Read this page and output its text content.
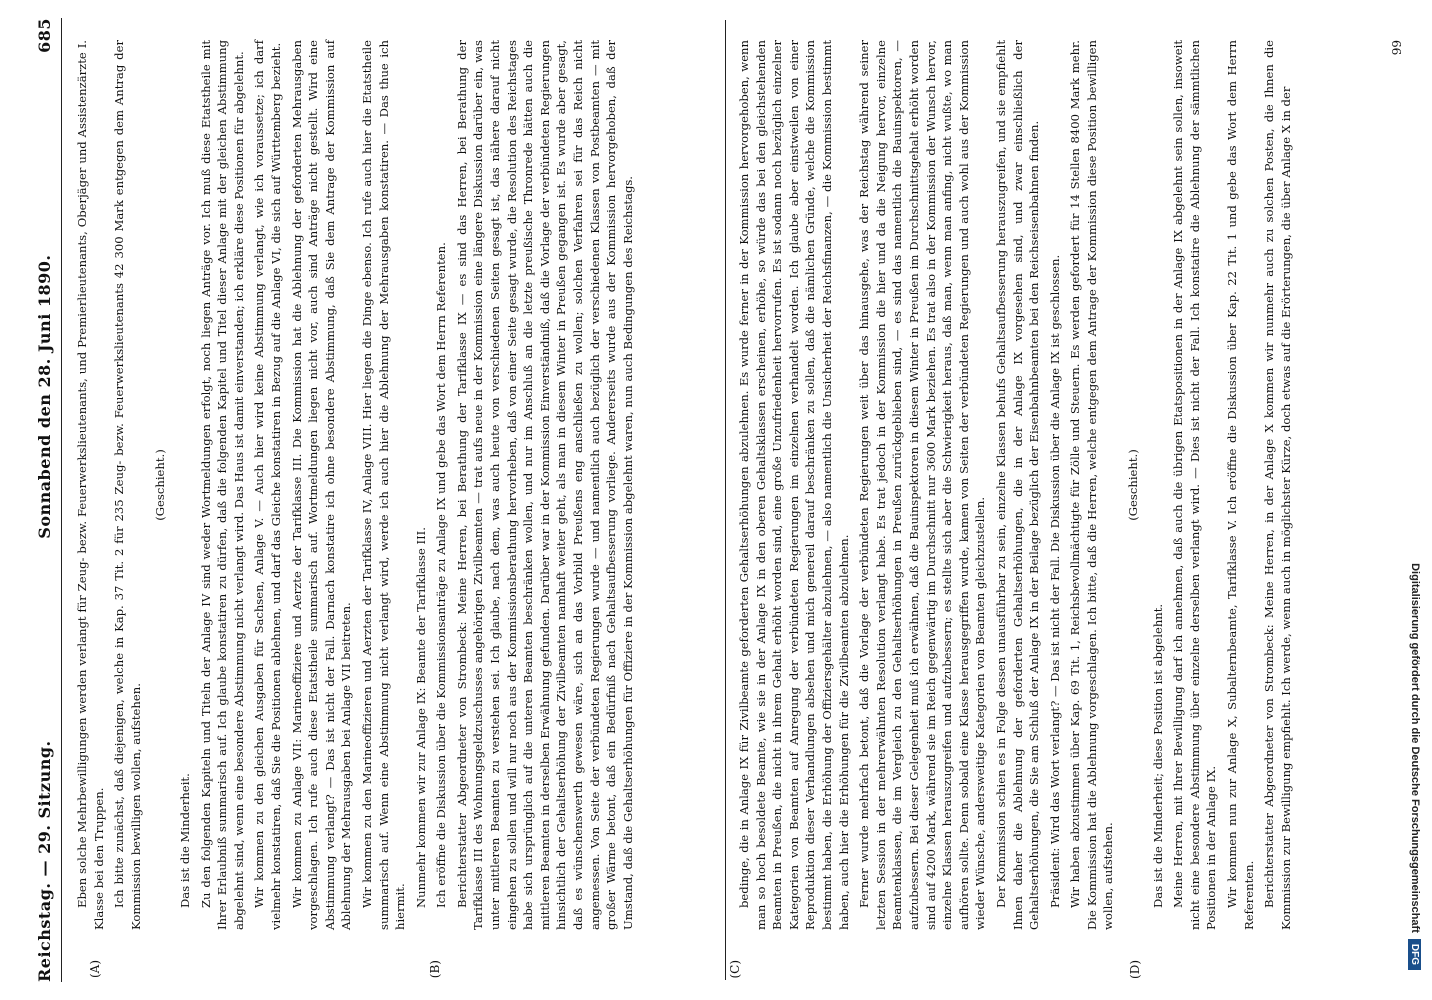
Digitalisierung gefördert durch die Deutsche Forschungsgemeinschaft
DFG
Reichstag. — 29. Sitzung.
Sonnabend den 28. Juni 1890.
685
(A)	(B)	(C)	(D)

Eben solche Mehrbewilligungen werden verlangt für Zeug- bezw. Feuerwerkslieutenants, und Premierlieutenants, Oberjäger und Assistenzärzte I. Klasse bei den Truppen. Ich bitte zunächst, daß diejenigen, welche in Kap. 37 Tit. 2 für 235 Zeug- bezw. Feuerwerkslieutenants 42 300 Mark entgegen dem Antrag der Kommission bewilligen wollen, aufstehen.

(Geschieht.)

Das ist die Minderheit. Zu den folgenden Kapiteln und Titeln der Anlage IV sind weder Wortmeldungen erfolgt, noch liegen Anträge vor. Ich muß diese Etatstheile mit Ihrer Erlaubniß summarisch auf. Ich glaube konstatiren zu dürfen, daß die folgenden Kapitel und Titel dieser Anlage mit der gleichen Abstimmung abgelehnt sind, wenn eine besondere Abstimmung nicht verlangt wird. Das Haus ist damit einverstanden; ich erkläre diese Positionen für abgelehnt. Wir kommen zu den gleichen Ausgaben für Sachsen, Anlage V. — Auch hier wird keine Abstimmung verlangt, wie ich voraussetze; ich darf vielmehr konstatiren, daß Sie die Positionen ablehnen, und darf das Gleiche konstatiren in Bezug auf die Anlage VI, die sich auf Württemberg bezieht. Wir kommen zu Anlage VII: Marineoffiziere und Aerzte der Tarifklasse III. Die Kommission hat die Ablehnung der geforderten Mehrausgaben vorgeschlagen. Ich rufe auch diese Etatstheile summarisch auf. Wortmeldungen liegen nicht vor, auch sind Anträge nicht gestellt. Wird eine Abstimmung verlangt? — Das ist nicht der Fall. Darnach konstatire ich ohne besondere Abstimmung, daß Sie dem Antrage der Kommission auf Ablehnung der Mehrausgaben bei Anlage VII beitreten. Wir kommen zu den Marineoffizieren und Aerzten der Tarifklasse IV, Anlage VIII. Hier liegen die Dinge ebenso. Ich rufe auch hier die Etatstheile summarisch auf. Wenn eine Abstimmung nicht verlangt wird, werde ich auch hier die Ablehnung der Mehrausgaben konstatiren. — Das thue ich hiermit. Nunmehr kommen wir zur Anlage IX: Beamte der Tarifklasse III. Ich eröffne die Diskussion über die Kommissionsanträge zu Anlage IX und gebe das Wort dem Herrn Referenten. Berichterstatter Abgeordneter von Strombeck: Meine Herren, bei Berathung der Tarifklasse IX — es sind das Herren, bei Berathung der Tarifklasse III des Wohnungsgeldzuschusses angehörigen Zivilbeamten — trat aufs neue in der Kommission eine längere Diskussion darüber ein, was unter mittleren Beamten zu verstehen sei. Ich glaube, nach dem, was auch heute von verschiedenen Seiten gesagt ist, das nähere darauf nicht eingehen zu sollen und will nur noch aus der Kommissionsberathung hervorheben, daß von einer Seite gesagt wurde, die Resolution des Reichstages habe sich ursprünglich auf die unteren Beamten beschränken wollen, und nur im Anschluß an die letzte preußische Thronrede hätten auch die mittleren Beamten in derselben Erwähnung gefunden. Darüber war in der Kommission Einverständniß, daß die Vorlage der verbündeten Regierungen hinsichtlich der Gehaltserhöhung der Zivilbeamten namhaft weiter geht, als man in diesem Winter in Preußen gegangen ist. Es wurde aber gesagt, daß es wünschenswerth gewesen wäre, sich an das Vorbild Preußens eng anschließen zu wollen; solchen Verfahren sei für das Reich nicht angemessen. Von Seite der verbündeten Regierungen wurde — und namentlich auch bezüglich der verschiedenen Klassen von Postbeamten — mit großer Wärme betont, daß ein Bedürfniß nach Gehaltsaufbesserung vorliege. Andererseits wurde aus der Kommission hervorgehoben, daß der Umstand, daß die Gehaltserhöhungen für Offiziere in der Kommission abgelehnt waren, nun auch Bedingungen des Reichstags.	bedinge, die in Anlage IX für Zivilbeamte geforderten Gehaltserhöhungen abzulehnen. Es wurde ferner in der Kommission hervorgehoben, wenn man so hoch besoldete Beamte, wie sie in der Anlage IX in den oberen Gehaltsklassen erscheinen, erhöhe, so würde das bei den gleichstehenden Beamten in Preußen, die nicht in ihrem Gehalt erhöht worden sind, eine große Unzufriedenheit hervorrufen. Es ist sodann noch bezüglich einzelner Kategorien von Beamten auf Anregung der verbündeten Regierungen im einzelnen verhandelt worden. Ich glaube aber einstweilen von einer Reproduktion dieser Verhandlungen absehen und mich genereil darauf beschränken zu sollen, daß die nämlichen Gründe, welche die Kommission bestimmt haben, die Erhöhung der Offiziersgehälter abzulehnen, — also namentlich die Unsicherheit der Reichsfinanzen, — die Kommission bestimmt haben, auch hier die Erhöhungen für die Zivilbeamten abzulehnen. Ferner wurde mehrfach betont, daß die Vorlage der verbündeten Regierungen weit über das hinausgehe, was der Reichstag während seiner letzten Session in der mehrerwähnten Resolution verlangt habe. Es trat jedoch in der Kommission die hier und da die Neigung hervor, einzelne Beamtenklassen, die im Vergleich zu den Gehaltserhöhungen in Preußen zurückgeblieben sind, — es sind das namentlich die Bauinspektoren, — aufzubessern. Bei dieser Gelegenheit muß ich erwähnen, daß die Bauinspektoren in diesem Winter in Preußen im Durchschnittsgehalt erhöht worden sind auf 4200 Mark, während sie im Reich gegenwärtig im Durchschnitt nur 3600 Mark beziehen. Es trat also in der Kommission der Wunsch hervor, einzelne Klassen herauszugreifen und aufzubessern; es stellte sich aber die Schwierigkeit heraus, daß man, wenn man anfing, nicht wußte, wo man aufhören sollte. Denn sobald eine Klasse herausgegriffen wurde, kamen von Seiten der verbündeten Regierungen und auch wohl aus der Kommission wieder Wünsche, andersweitige Kategorien von Beamten gleichzustellen. Der Kommission schien es in Folge dessen unausführbar zu sein, einzelne Klassen behufs Gehaltsaufbesserung herauszugreifen, und sie empfiehlt Ihnen daher die Ablehnung der geforderten Gehaltserhöhungen, die in der Anlage IX vorgesehen sind, und zwar einschließlich der Gehaltserhöhungen, die Sie am Schluß der Anlage IX in der Beilage bezüglich der Eisenbahnbeamten bei den Reichseisenbahnen finden. Präsident: Wird das Wort verlangt? — Das ist nicht der Fall. Die Diskussion über die Anlage IX ist geschlossen. Wir haben abzustimmen über Kap. 69 Tit. 1, Reichsbevollmächtigte für Zölle und Steuern. Es werden gefordert für 14 Stellen 8400 Mark mehr. Die Kommission hat die Ablehnung vorgeschlagen. Ich bitte, daß die Herren, welche entgegen dem Antrage der Kommission diese Position bewilligen wollen, aufstehen.

(Geschieht.)

Das ist die Minderheit; diese Position ist abgelehnt. Meine Herren, mit Ihrer Bewilligung darf ich annehmen, daß auch die übrigen Etatspositionen in der Anlage IX abgelehnt sein sollen, insoweit nicht eine besondere Abstimmung über einzelne derselben verlangt wird. — Dies ist nicht der Fall. Ich konstatire die Ablehnung der sämmtlichen Positionen in der Anlage IX. Wir kommen nun zur Anlage X, Subalternbeamte, Tarifklasse V. Ich eröffne die Diskussion über Kap. 22 Tit. 1 und gebe das Wort dem Herrn Referenten. Berichterstatter Abgeordneter von Strombeck: Meine Herren, in der Anlage X kommen wir nunmehr auch zu solchen Posten, die Ihnen die Kommission zur Bewilligung empfiehlt. Ich werde, wenn auch in möglichster Kürze, doch etwas auf die Erörterungen, die über Anlage X in der

99
